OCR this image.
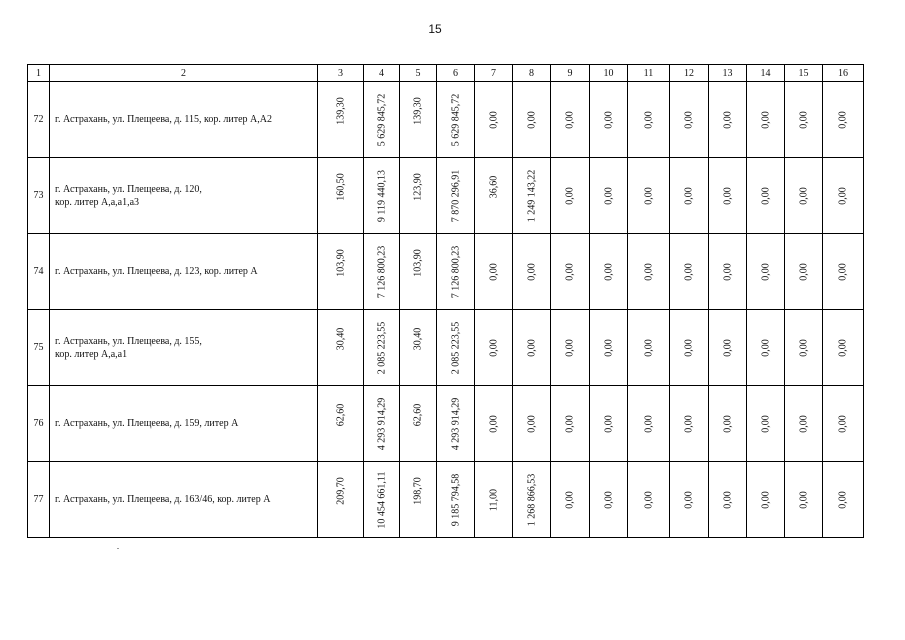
15
1	2	3	4	5	6	7	8	9	10	11	12	13	14	15	16
72	г. Астрахань, ул. Плещеева, д. 115, кор. литер А,А2	139,30	5 629 845,72	139,30	5 629 845,72	0,00	0,00	0,00	0,00	0,00	0,00	0,00	0,00	0,00	0,00

73	г. Астрахань, ул. Плещеева, д. 120,
кор. литер А,а,а1,а3	160,50	9 119 440,13	123,90	7 870 296,91	36,60	1 249 143,22	0,00	0,00	0,00	0,00	0,00	0,00	0,00	0,00

74	г. Астрахань, ул. Плещеева, д. 123, кор. литер А	103,90	7 126 800,23	103,90	7 126 800,23	0,00	0,00	0,00	0,00	0,00	0,00	0,00	0,00	0,00	0,00

75	г. Астрахань, ул. Плещеева, д. 155,
кор. литер А,а,а1	30,40	2 085 223,55	30,40	2 085 223,55	0,00	0,00	0,00	0,00	0,00	0,00	0,00	0,00	0,00	0,00

76	г. Астрахань, ул. Плещеева, д. 159, литер А	62,60	4 293 914,29	62,60	4 293 914,29	0,00	0,00	0,00	0,00	0,00	0,00	0,00	0,00	0,00	0,00

77	г. Астрахань, ул. Плещеева, д. 163/46, кор. литер А	209,70	10 454 661,11	198,70	9 185 794,58	11,00	1 268 866,53	0,00	0,00	0,00	0,00	0,00	0,00	0,00	0,00
